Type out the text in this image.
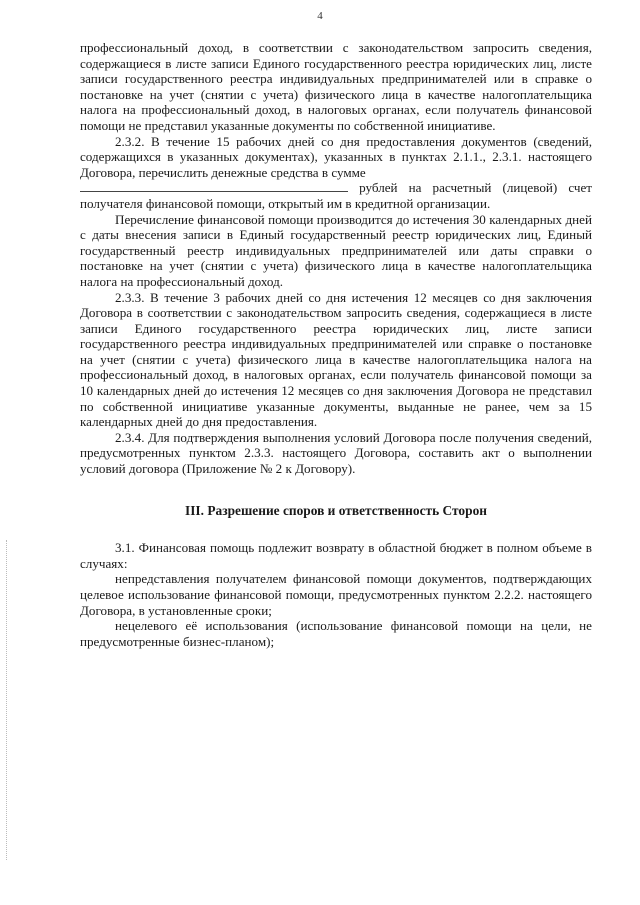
4

профессиональный доход, в соответствии с законодательством запросить сведения, содержащиеся в листе записи Единого государственного реестра юридических лиц, листе записи государственного реестра индивидуальных предпринимателей или в справке о постановке на учет (снятии с учета) физического лица в качестве налогоплательщика налога на профессиональный доход, в налоговых органах, если получатель финансовой помощи не представил указанные документы по собственной инициативе.

2.3.2. В течение 15 рабочих дней со дня предоставления документов (сведений, содержащихся в указанных документах), указанных в пунктах 2.1.1., 2.3.1. настоящего Договора, перечислить денежные средства в сумме

рублей на расчетный (лицевой) счет получателя финансовой помощи, открытый им в кредитной организации.

Перечисление финансовой помощи производится до истечения 30 календарных дней с даты внесения записи в Единый государственный реестр юридических лиц, Единый государственный реестр индивидуальных предпринимателей или даты справки о постановке на учет (снятии с учета) физического лица в качестве налогоплательщика налога на профессиональный доход.

2.3.3. В течение 3 рабочих дней со дня истечения 12 месяцев со дня заключения Договора в соответствии с законодательством запросить сведения, содержащиеся в листе записи Единого государственного реестра юридических лиц, листе записи государственного реестра индивидуальных предпринимателей или справке о постановке на учет (снятии с учета) физического лица в качестве налогоплательщика налога на профессиональный доход, в налоговых органах, если получатель финансовой помощи за 10 календарных дней до истечения 12 месяцев со дня заключения Договора не представил по собственной инициативе указанные документы, выданные не ранее, чем за 15 календарных дней до дня предоставления.

2.3.4. Для подтверждения выполнения условий Договора после получения сведений, предусмотренных пунктом 2.3.3. настоящего Договора, составить акт о выполнении условий договора (Приложение № 2 к Договору).

III. Разрешение споров и ответственность Сторон

3.1. Финансовая помощь подлежит возврату в областной бюджет в полном объеме в случаях:

непредставления получателем финансовой помощи документов, подтверждающих целевое использование финансовой помощи, предусмотренных пунктом 2.2.2. настоящего Договора, в установленные сроки;

нецелевого её использования (использование финансовой помощи на цели, не предусмотренные бизнес-планом);
